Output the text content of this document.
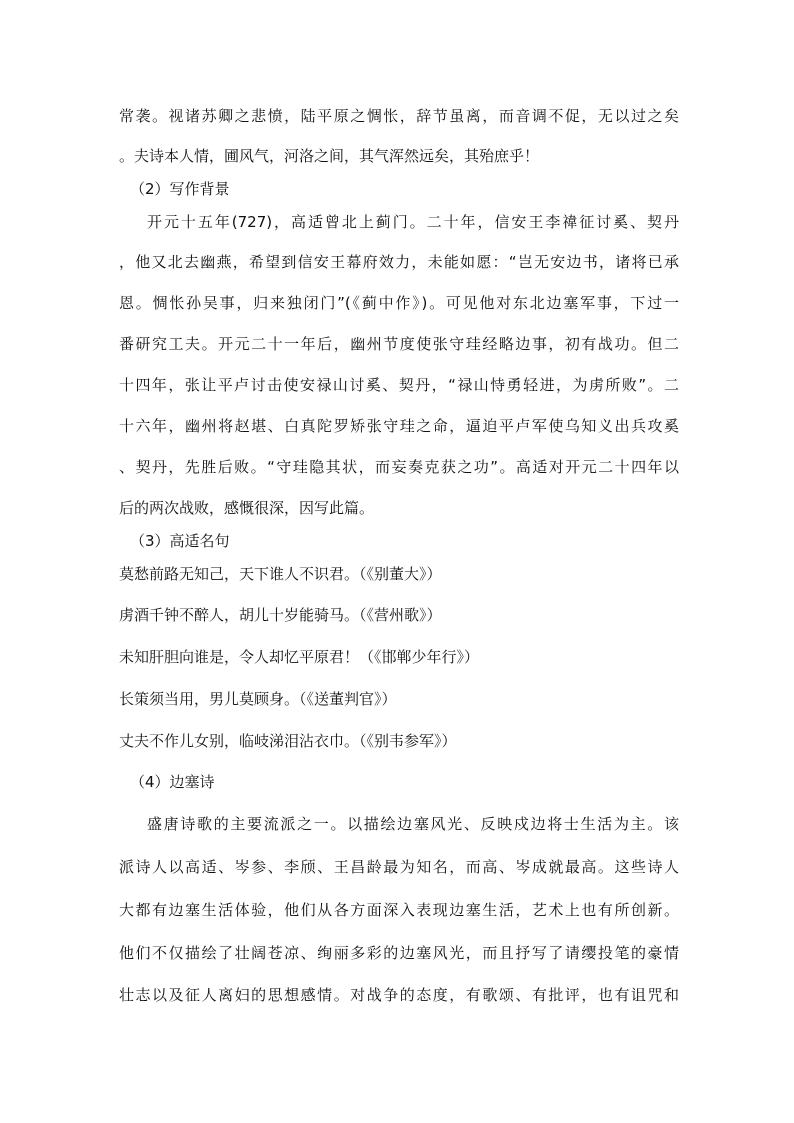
常袭。视诸苏卿之悲愤，陆平原之惆怅，辞节虽离，而音调不促，无以过之矣
。夫诗本人情，圃风气，河洛之间，其气浑然远矣，其殆庶乎！
（2）写作背景
开元十五年(727)，高适曾北上蓟门。二十年，信安王李禕征讨奚、契丹
，他又北去幽燕，希望到信安王幕府效力，未能如愿：“岂无安边书，诸将已承
恩。惆怅孙吴事，归来独闭门”(《蓟中作》)。可见他对东北边塞军事，下过一
番研究工夫。开元二十一年后，幽州节度使张守珪经略边事，初有战功。但二
十四年，张让平卢讨击使安禄山讨奚、契丹，“禄山恃勇轻进，为虏所败”。二
十六年，幽州将赵堪、白真陀罗矫张守珪之命，逼迫平卢军使乌知义出兵攻奚
、契丹，先胜后败。“守珪隐其状，而妄奏克获之功”。高适对开元二十四年以
后的两次战败，感慨很深，因写此篇。
（3）高适名句
莫愁前路无知己，天下谁人不识君。（《别董大》）
虏酒千钟不醉人，胡儿十岁能骑马。（《营州歌》）
未知肝胆向谁是，令人却忆平原君！（《邯郸少年行》）
长策须当用，男儿莫顾身。（《送董判官》）
丈夫不作儿女别，临岐涕泪沾衣巾。（《别韦参军》）
（4）边塞诗
盛唐诗歌的主要流派之一。以描绘边塞风光、反映戍边将士生活为主。该
派诗人以高适、岑参、李颀、王昌龄最为知名，而高、岑成就最高。这些诗人
大都有边塞生活体验，他们从各方面深入表现边塞生活，艺术上也有所创新。
他们不仅描绘了壮阔苍凉、绚丽多彩的边塞风光，而且抒写了请缨投笔的豪情
壮志以及征人离妇的思想感情。对战争的态度，有歌颂、有批评，也有诅咒和
